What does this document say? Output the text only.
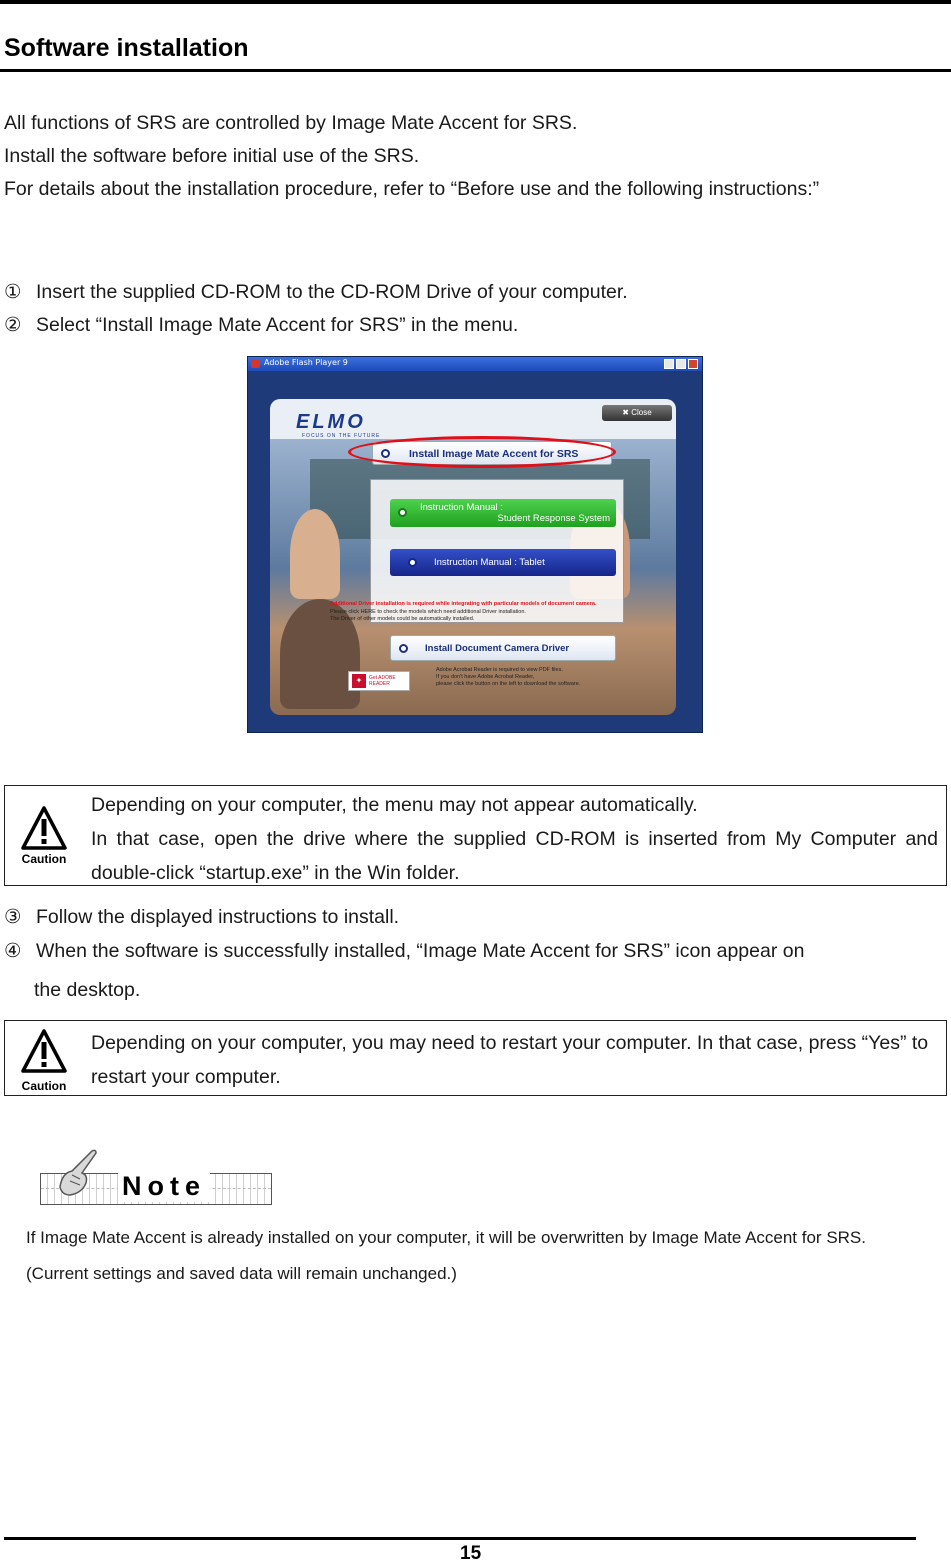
Software installation
All functions of SRS are controlled by Image Mate Accent for SRS.
Install the software before initial use of the SRS.
For details about the installation procedure, refer to “Before use and the following instructions:”
① Insert the supplied CD-ROM to the CD-ROM Drive of your computer.
② Select “Install Image Mate Accent for SRS” in the menu.
Adobe Flash Player 9
ELMO
FOCUS ON THE FUTURE
✖ Close
Install Image Mate Accent for SRS
Instruction Manual :
Student Response System
Instruction Manual : Tablet
Additional Driver installation is required while integrating with particular models of document camera.
Please click HERE to check the models which need additional Driver installation.
The Driver of other models could be automatically installed.
Install Document Camera Driver
✦	Get ADOBE READER
Adobe Acrobat Reader is required to view PDF files.
If you don't have Adobe Acrobat Reader,
please click the button on the left to download the software.
Caution

Depending on your computer, the menu may not appear automatically.

In that case, open the drive where the supplied CD-ROM is inserted from My Computer and double-click “startup.exe” in the Win folder.

③ Follow the displayed instructions to install.
④ When the software is successfully installed, “Image Mate Accent for SRS” icon appear on
the desktop.
Caution
Depending on your computer, you may need to restart your computer. In that case, press “Yes” to restart your computer.
Note
If Image Mate Accent is already installed on your computer, it will be overwritten by Image Mate Accent for SRS. (Current settings and saved data will remain unchanged.)
15
